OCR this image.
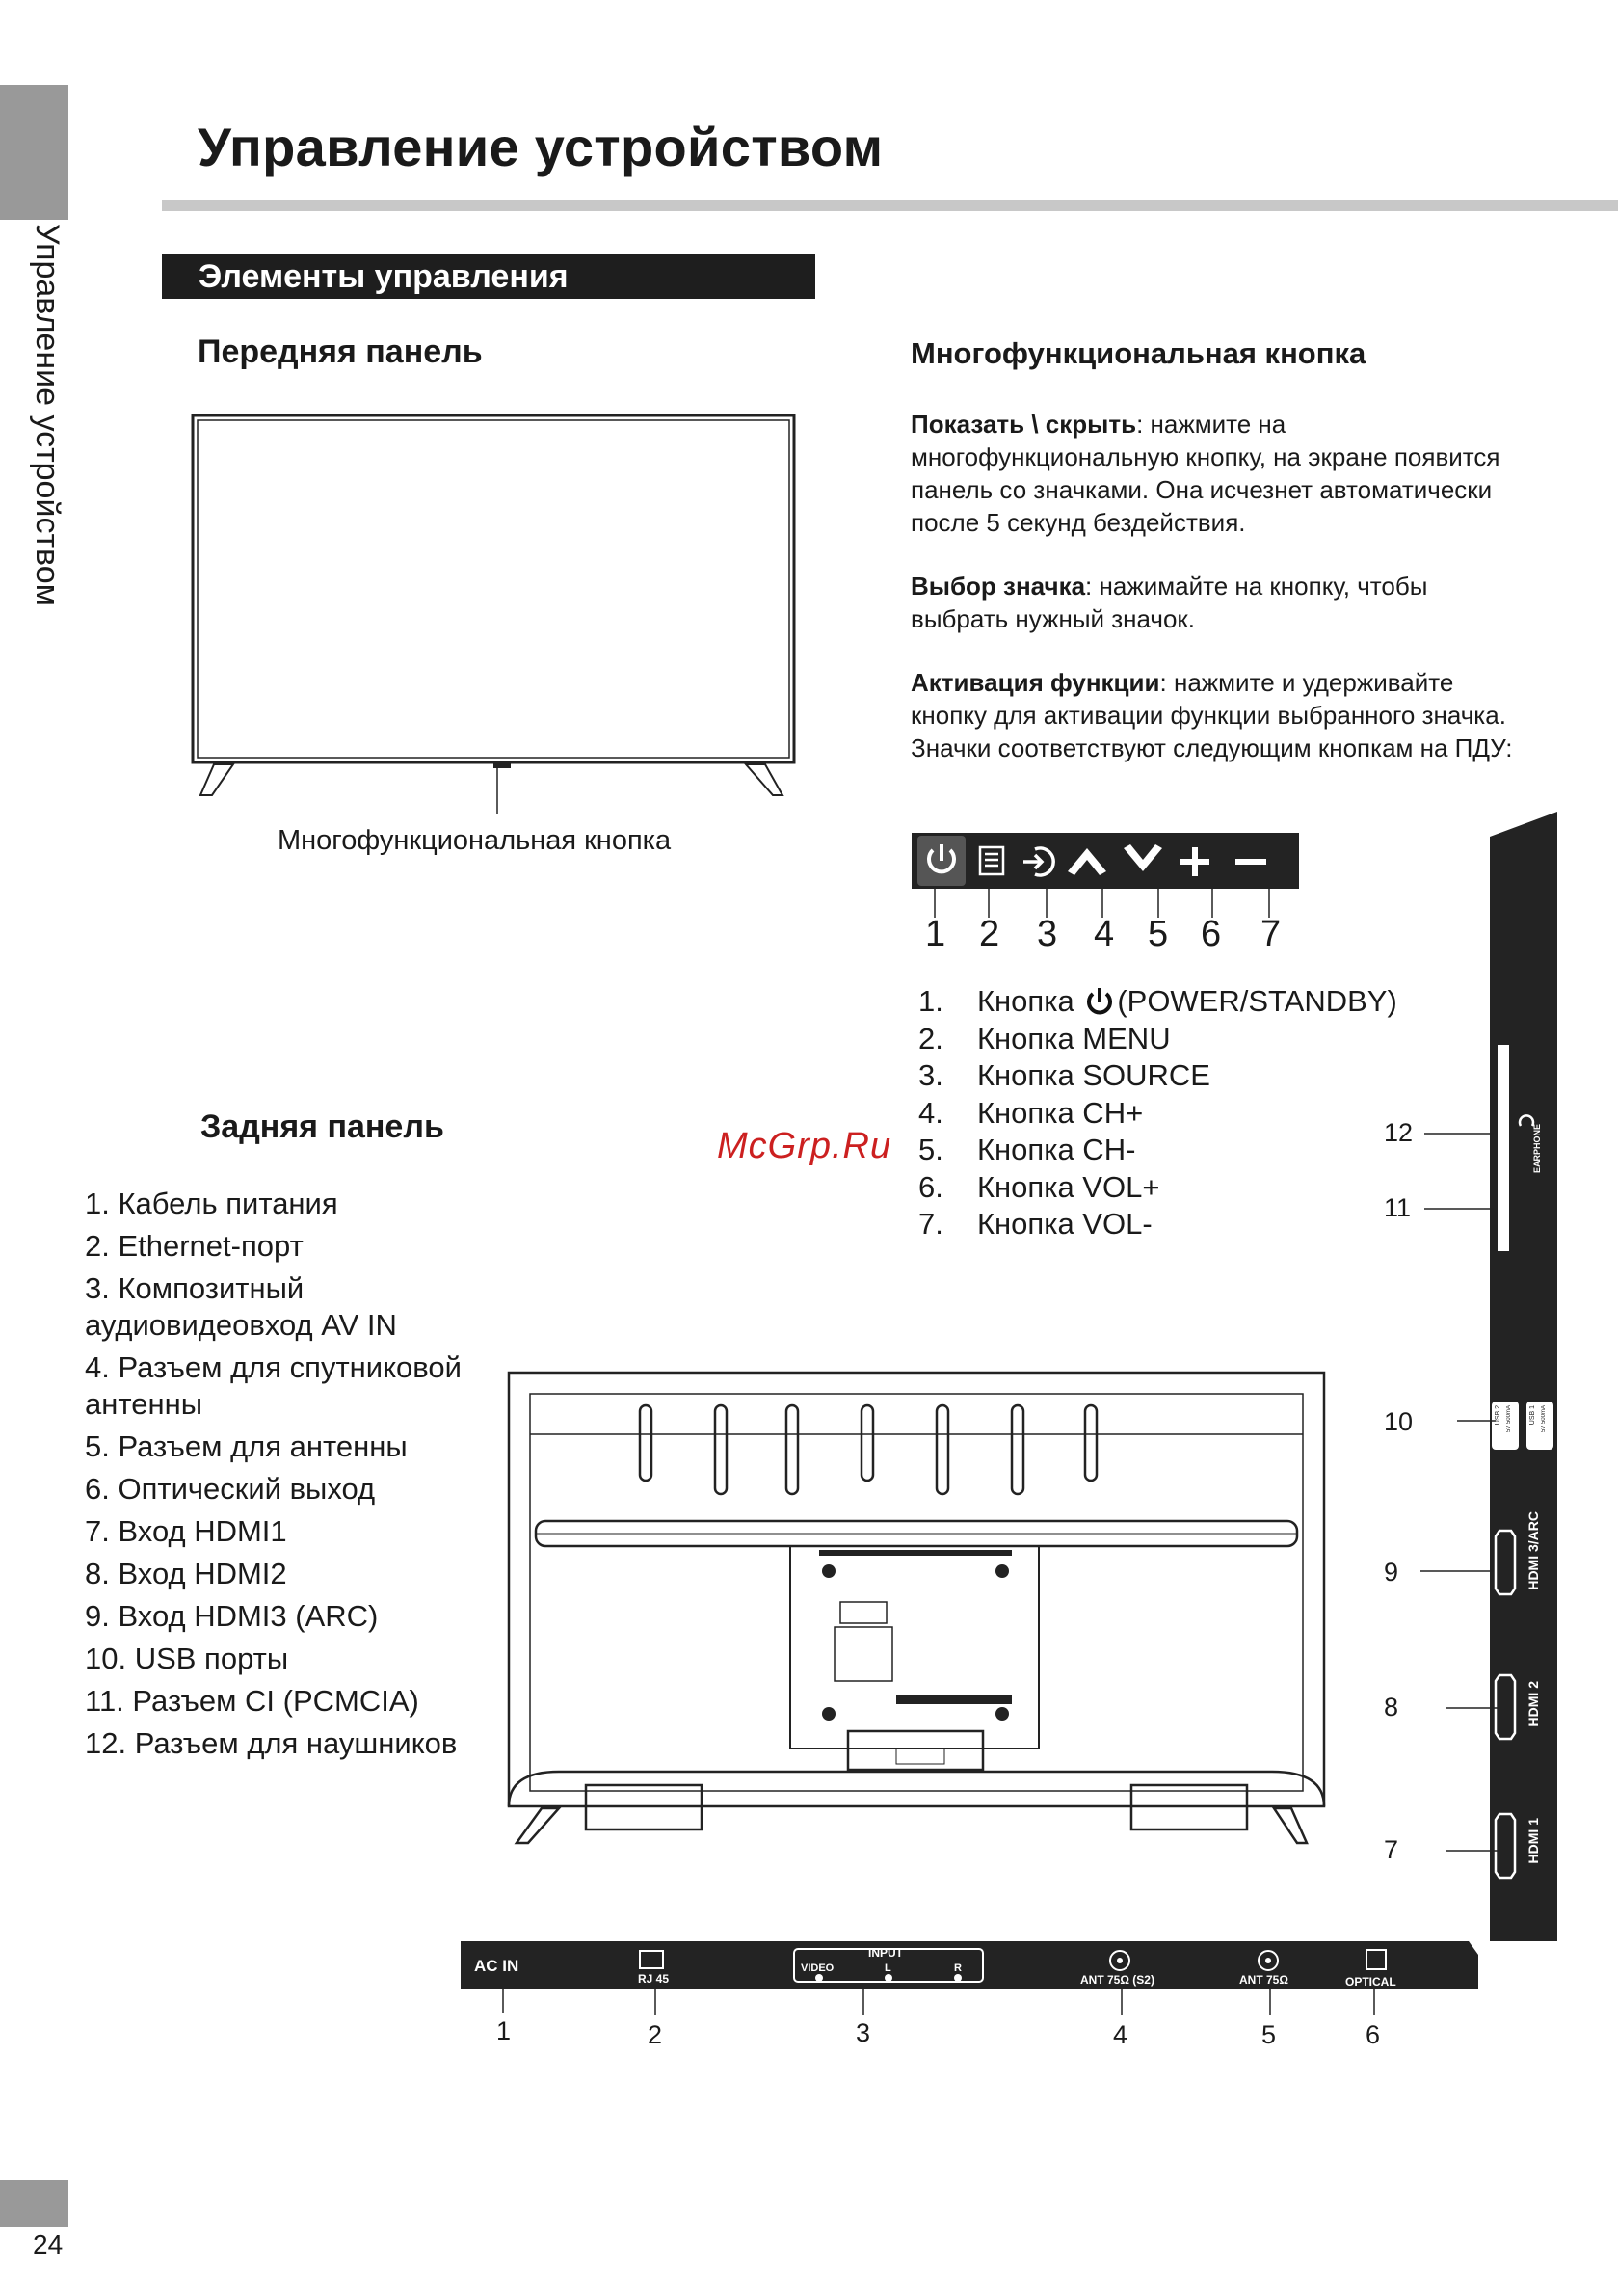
Управление устройством
24
Управление устройством
Элементы управления
Передняя панель
Многофункциональная кнопка
Многофункциональная кнопка
Показать \ скрыть: нажмите на многофункциональную кнопку, на экране появится панель со значками. Она исчезнет автоматически после 5 секунд бездействия.
Выбор значка: нажимайте на кнопку, чтобы выбрать нужный значок.
Активация функции: нажмите и удерживайте кнопку для активации функции выбранного значка. Значки соответствуют следующим кнопкам на ПДУ:
1 2 3 4 5 6 7
1.	Кнопка (POWER/STANDBY)
2.	Кнопка MENU
3.	Кнопка SOURCE
4.	Кнопка CH+
5.	Кнопка CH-
6.	Кнопка VOL+
7.	Кнопка VOL-
McGrp.Ru
Задняя панель
1. Кабель питания
2. Ethernet-порт
3. Композитный аудиовидеовход AV IN
4. Разъем для спутниковой антенны
5. Разъем для антенны
6. Оптический выход
7. Вход HDMI1
8. Вход HDMI2
9. Вход HDMI3 (ARC)
10. USB порты
11. Разъем CI (PCMCIA)
12. Разъем для наушников
AC IN
RJ 45
INPUT
VIDEO	L	R
ANT 75Ω (S2)	ANT 75Ω	OPTICAL
1	2	3	4	5	6
EARPHONE
CI
USB 2 5V 500mA	USB 1 5V 500mA
HDMI 3/ARC
HDMI 2
HDMI 1
12
11
10
9
8
7
